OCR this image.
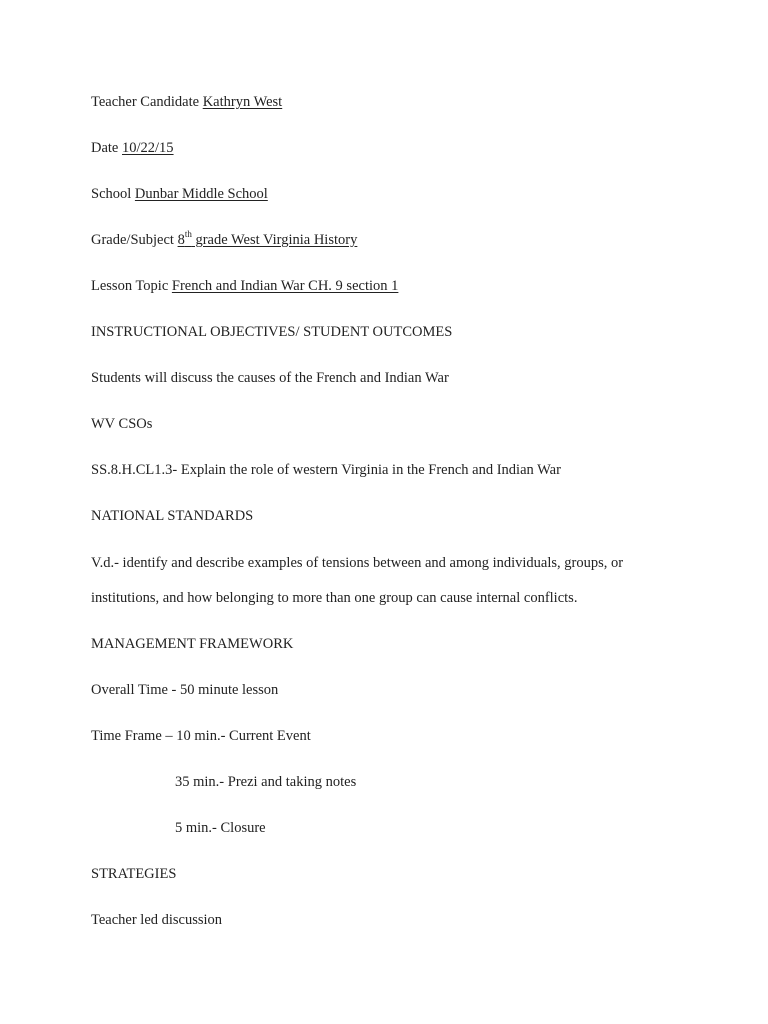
Teacher Candidate Kathryn West
Date 10/22/15
School Dunbar Middle School
Grade/Subject 8th grade West Virginia History
Lesson Topic French and Indian War CH. 9 section 1
INSTRUCTIONAL OBJECTIVES/ STUDENT OUTCOMES
Students will discuss the causes of the French and Indian War
WV CSOs
SS.8.H.CL1.3- Explain the role of western Virginia in the French and Indian War
NATIONAL STANDARDS
V.d.- identify and describe examples of tensions between and among individuals, groups, or
institutions, and how belonging to more than one group can cause internal conflicts.
MANAGEMENT FRAMEWORK
Overall Time - 50 minute lesson
Time Frame – 10 min.- Current Event
35 min.- Prezi and taking notes
5 min.- Closure
STRATEGIES
Teacher led discussion
